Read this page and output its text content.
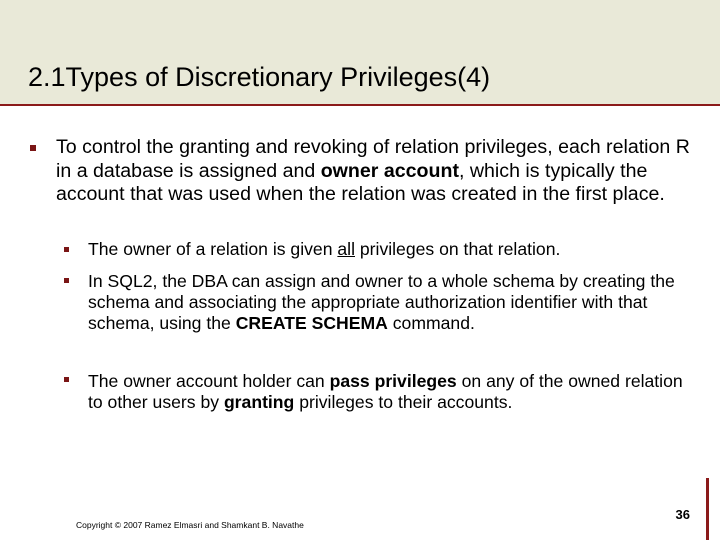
2.1Types of Discretionary Privileges(4)

To control the granting and revoking of relation privileges, each relation R in a database is assigned and owner account, which is typically the account that was used when the relation was created in the first place.

The owner of a relation is given all privileges on that relation.

In SQL2, the DBA can assign and owner to a whole schema by creating the schema and associating the appropriate authorization identifier with that schema, using the CREATE SCHEMA command.

The owner account holder can pass privileges on any of the owned relation to other users by granting privileges to their accounts.

Copyright © 2007 Ramez Elmasri and Shamkant B. Navathe
36
